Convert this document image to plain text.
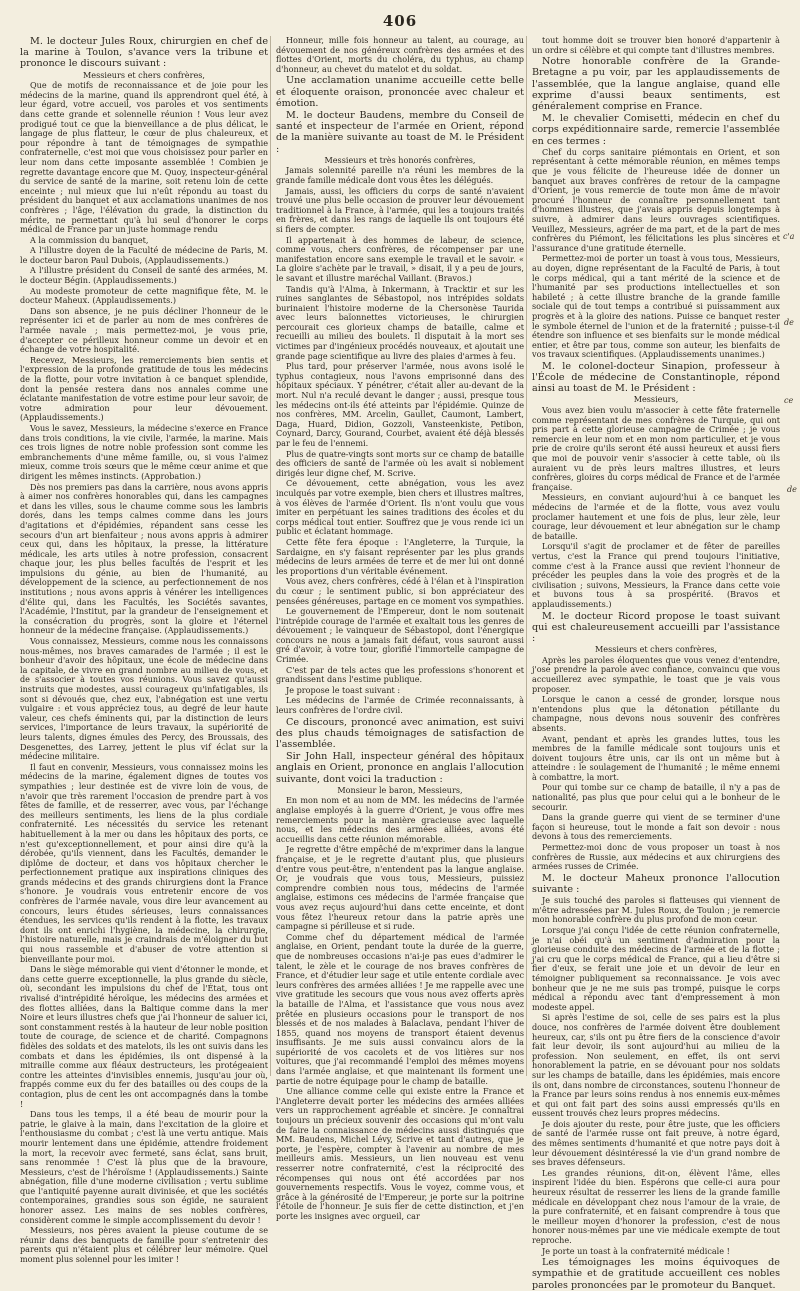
406

M. le docteur Jules Roux, chirurgien en chef de la marine à Toulon, s'avance vers la tribune et prononce le discours suivant :

Messieurs et chers confrères,

Que de motifs de reconnaissance et de joie pour les médecins de la marine, quand ils apprendront quel été, à leur égard, votre accueil, vos paroles et vos sentiments dans cette grande et solennelle réunion ! Vous leur avez prodigué tout ce que la bienveillance a de plus délicat, le langage de plus flatteur, le cœur de plus chaleureux, et pour répondre à tant de témoignages de sympathie confraternelle, c'est moi que vous choisissez pour parler en leur nom dans cette imposante assemblée ! Combien je regrette davantage encore que M. Quoy, inspecteur-général du service de santé de la marine, soit retenu loin de cette enceinte ; nul mieux que lui n'eût répondu au toast du président du banquet et aux acclamations unanimes de nos confrères ; l'âge, l'élévation du grade, la distinction du mérite, ne permettant qu'à lui seul d'honorer le corps médical de France par un juste hommage rendu

A la commission du banquet,

A l'illustre doyen de la Faculté de médecine de Paris, M. le docteur baron Paul Dubois, (Applaudissements.)

A l'illustre président du Conseil de santé des armées, M. le docteur Bégin. (Applaudissements.)

Au modeste promoteur de cette magnifique fête, M. le docteur Maheux. (Applaudissements.)

Dans son absence, je ne puis décliner l'honneur de le représenter ici et de parler au nom de mes confrères de l'armée navale ; mais permettez-moi, je vous prie, d'accepter ce périlleux honneur comme un devoir et en échange de votre hospitalité.

Recevez, Messieurs, les remerciements bien sentis et l'expression de la profonde gratitude de tous les médecins de la flotte, pour votre invitation à ce banquet splendide, dont la pensée restera dans nos annales comme une éclatante manifestation de votre estime pour leur savoir, de votre admiration pour leur dévouement. (Applaudissements.)

Vous le savez, Messieurs, la médecine s'exerce en France dans trois conditions, la vie civile, l'armée, la marine. Mais ces trois lignes de notre noble profession sont comme les embranchements d'une même famille, ou, si vous l'aimez mieux, comme trois sœurs que le même cœur anime et que dirigent les mêmes instincts. (Approbation.)

Dès nos premiers pas dans la carrière, nous avons appris à aimer nos confrères honorables qui, dans les campagnes et dans les villes, sous le chaume comme sous les lambris dorés, dans les temps calmes comme dans les jours d'agitations et d'épidémies, répandent sans cesse les secours d'un art bienfaiteur ; nous avons appris à admirer ceux qui, dans les hôpitaux, la presse, la littérature médicale, les arts utiles à notre profession, consacrent chaque jour, les plus belles facultés de l'esprit et les impulsions du génie, au bien de l'humanité, au développement de la science, au perfectionnement de nos institutions ; nous avons appris à vénérer les intelligences d'élite qui, dans les Facultés, les Sociétés savantes, l'Académie, l'Institut, par la grandeur de l'enseignement et la consécration du progrès, sont la gloire et l'éternel honneur de la médecine française. (Applaudissements.)

Vous connaissez, Messieurs, comme nous les connaissons nous-mêmes, nos braves camarades de l'armée ; il est le bonheur d'avoir des hôpitaux, une école de médecine dans la capitale, de vivre en grand nombre au milieu de vous, et de s'associer à toutes vos réunions. Vous savez qu'aussi instruits que modestes, aussi courageux qu'infatigables, ils sont si dévoués que, chez eux, l'abnégation est une vertu vulgaire : et vous appréciez tous, au degré de leur haute valeur, ces chefs éminents qui, par la distinction de leurs services, l'importance de leurs travaux, la supériorité de leurs talents, dignes émules des Percy, des Broussais, des Desgenettes, des Larrey, jettent le plus vif éclat sur la médecine militaire.

Il faut en convenir, Messieurs, vous connaissez moins les médecins de la marine, également dignes de toutes vos sympathies ; leur destinée est de vivre loin de vous, de n'avoir que très rarement l'occasion de prendre part à vos fêtes de famille, et de resserrer, avec vous, par l'échange des meilleurs sentiments, les liens de la plus cordiale confraternité. Les nécessités du service les retenant habituellement à la mer ou dans les hôpitaux des ports, ce n'est qu'exceptionnellement, et pour ainsi dire qu'à la dérobée, qu'ils viennent, dans les Facultés, demander le diplôme de docteur, et dans vos hôpitaux chercher le perfectionnement pratique aux inspirations cliniques des grands médecins et des grands chirurgiens dont la France s'honore. Je voudrais vous entretenir encore de vos confrères de l'armée navale, vous dire leur avancement au concours, leurs études sérieuses, leurs connaissances étendues, les services qu'ils rendent à la flotte, les travaux dont ils ont enrichi l'hygiène, la médecine, la chirurgie, l'histoire naturelle, mais je craindrais de m'éloigner du but qui nous rassemble et d'abuser de votre attention si bienveillante pour moi.

Dans le siège mémorable qui vient d'étonner le monde, et dans cette guerre exceptionnelle, la plus grande du siècle, où, secondant les impulsions du chef de l'État, tous ont rivalisé d'intrépidité héroïque, les médecins des armées et des flottes alliées, dans la Baltique comme dans la mer Noire et leurs illustres chefs que j'ai l'honneur de saluer ici, sont constamment restés à la hauteur de leur noble position toute de courage, de science et de charité. Compagnons fidèles des soldats et des matelots, ils les ont suivis dans les combats et dans les épidémies, ils ont dispensé à la mitraille comme aux fléaux destructeurs, les protégeaient contre les atteintes d'invisibles ennemis, jusqu'au jour où, frappés comme eux du fer des batailles ou des coups de la contagion, plus de cent les ont accompagnés dans la tombe !

Dans tous les temps, il a été beau de mourir pour la patrie, le glaive à la main, dans l'excitation de la gloire et l'enthousiasme du combat ; c'est là une vertu antique. Mais mourir lentement dans une épidémie, attendre froidement la mort, la recevoir avec fermeté, sans éclat, sans bruit, sans renommée ! C'est là plus que de la bravoure, Messieurs, c'est de l'héroïsme ! (Applaudissements.) Sainte abnégation, fille d'une moderne civilisation ; vertu sublime que l'antiquité payenne aurait divinisée, et que les sociétés contemporaines, grandies sous son égide, ne sauraient honorer assez. Les mains de ses nobles confrères, considèrent comme le simple accomplissement du devoir !

Messieurs, nos pères avaient la pieuse coutume de se réunir dans des banquets de famille pour s'entretenir des parents qui n'étaient plus et célébrer leur mémoire. Quel moment plus solennel pour les imiter !

Honneur, mille fois honneur au talent, au courage, au dévouement de nos généreux confrères des armées et des flottes d'Orient, morts du choléra, du typhus, au champ d'honneur, au chevet du matelot et du soldat.

Une acclamation unanime accueille cette belle et éloquente oraison, prononcée avec chaleur et émotion.

M. le docteur Baudens, membre du Conseil de santé et inspecteur de l'armée en Orient, répond de la manière suivante au toast de M. le Président :

Messieurs et très honorés confrères,

Jamais solennité pareille n'a réuni les membres de la grande famille médicale dont vous êtes les délégués.

Jamais, aussi, les officiers du corps de santé n'avaient trouvé une plus belle occasion de prouver leur dévouement traditionnel à la France, à l'armée, qui les a toujours traités en frères, et dans les rangs de laquelle ils ont toujours été si fiers de compter.

Il appartenait à des hommes de labeur, de science, comme vous, chers confrères, de récompenser par une manifestation encore sans exemple le travail et le savoir. « La gloire s'achète par le travail, » disait, il y a peu de jours, le savant et illustre maréchal Vaillant. (Bravos.)

Tandis qu'à l'Alma, à Inkermann, à Tracktir et sur les ruines sanglantes de Sébastopol, nos intrépides soldats burinaient l'histoire moderne de la Chersonèse Taurida avec leurs baïonnettes victorieuses, le chirurgien percourait ces glorieux champs de bataille, calme et recueilli au milieu des boulets. Il disputait à la mort ses victimes par d'ingénieux procédés nouveaux, et ajoutait une grande page scientifique au livre des plaies d'armes à feu.

Plus tard, pour préserver l'armée, nous avons isolé le typhus contagieux, nous l'avons emprisonné dans des hôpitaux spéciaux. Y pénétrer, c'était aller au-devant de la mort. Nul n'a reculé devant le danger ; aussi, presque tous les médecins ont-ils été atteints par l'épidémie. Quinze de nos confrères, MM. Arcelin, Gaullet, Caumont, Lambert, Daga, Huard, Didion, Gozzoli, Vansteenkiste, Petibon, Coynard, Darcy, Gourand, Courbet, avaient été déjà blessés par le feu de l'ennemi.

Plus de quatre-vingts sont morts sur ce champ de bataille des officiers de santé de l'armée où les avait si noblement dirigés leur digne chef, M. Scrive.

Ce dévouement, cette abnégation, vous les avez inculqués par votre exemple, bien chers et illustres maîtres, à vos élèves de l'armée d'Orient. Ils n'ont voulu que vous imiter en perpétuant les saines traditions des écoles et du corps médical tout entier. Souffrez que je vous rende ici un public et éclatant hommage.

Cette fête fera époque : l'Angleterre, la Turquie, la Sardaigne, en s'y faisant représenter par les plus grands médecins de leurs armées de terre et de mer lui ont donné les proportions d'un véritable événement.

Vous avez, chers confrères, cédé à l'élan et à l'inspiration du cœur ; le sentiment public, si bon appréciateur des pensées généreuses, partage en ce moment vos sympathies.

Le gouvernement de l'Empereur, dont le nom soutenait l'intrépide courage de l'armée et exaltait tous les genres de dévouement ; le vainqueur de Sébastopol, dont l'énergique concours ne nous a jamais fait défaut, vous sauront aussi gré d'avoir, à votre tour, glorifié l'immortelle campagne de Crimée.

C'est par de tels actes que les professions s'honorent et grandissent dans l'estime publique.

Je propose le toast suivant :

Les médecins de l'armée de Crimée reconnaissants, à leurs confrères de l'ordre civil.

Ce discours, prononcé avec animation, est suivi des plus chauds témoignages de satisfaction de l'assemblée.

Sir John Hall, inspecteur général des hôpitaux anglais en Orient, prononce en anglais l'allocution suivante, dont voici la traduction :

Monsieur le baron, Messieurs,

En mon nom et au nom de MM. les médecins de l'armée anglaise employés à la guerre d'Orient, je vous offre mes remerciements pour la manière gracieuse avec laquelle nous, et les médecins des armées alliées, avons été accueillis dans cette réunion mémorable.

Je regrette d'être empêché de m'exprimer dans la langue française, et je le regrette d'autant plus, que plusieurs d'entre vous peut-être, n'entendent pas la langue anglaise. Or, je voudrais que vous tous, Messieurs, puissiez comprendre combien nous tous, médecins de l'armée anglaise, estimons ces médecins de l'armée française que vous avez reçus aujourd'hui dans cette enceinte, et dont vous fêtez l'heureux retour dans la patrie après une campagne si périlleuse et si rude.

Comme chef du département médical de l'armée anglaise, en Orient, pendant toute la durée de la guerre, que de nombreuses occasions n'ai-je pas eues d'admirer le talent, le zèle et le courage de nos braves confrères de France, et d'étudier leur sage et utile entente cordiale avec leurs confrères des armées alliées ! Je me rappelle avec une vive gratitude les secours que vous nous avez offerts après la bataille de l'Alma, et l'assistance que vous nous avez prêtée en plusieurs occasions pour le transport de nos blessés et de nos malades à Balaclava, pendant l'hiver de 1855, quand nos moyens de transport étaient devenus insuffisants. Je me suis aussi convaincu alors de la supériorité de vos cacolets et de vos litières sur nos voitures, que j'ai recommandé l'emploi des mêmes moyens dans l'armée anglaise, et que maintenant ils forment une partie de notre équipage pour le champ de bataille.

Une alliance comme celle qui existe entre la France et l'Angleterre devait porter les médecins des armées alliées vers un rapprochement agréable et sincère. Je connaîtrai toujours un précieux souvenir des occasions qui m'ont valu de faire la connaissance de médecins aussi distingués que MM. Baudens, Michel Lévy, Scrive et tant d'autres, que je porte, je l'espère, compter à l'avenir au nombre de mes meilleurs amis. Messieurs, un lien nouveau est venu resserrer notre confraternité, c'est la réciprocité des récompenses qui nous ont été accordées par nos gouvernements respectifs. Vous le voyez, comme vous, et grâce à la générosité de l'Empereur, je porte sur la poitrine l'étoile de l'honneur. Je suis fier de cette distinction, et j'en porte les insignes avec orgueil, car

tout homme doit se trouver bien honoré d'appartenir à un ordre si célèbre et qui compte tant d'illustres membres.

Notre honorable confrère de la Grande-Bretagne a pu voir, par les applaudissements de l'assemblée, que la langue anglaise, quand elle exprime d'aussi beaux sentiments, est généralement comprise en France.

M. le chevalier Comisetti, médecin en chef du corps expéditionnaire sarde, remercie l'assemblée en ces termes :

Chef du corps sanitaire piémontais en Orient, et son représentant à cette mémorable réunion, en mêmes temps que je vous félicite de l'heureuse idée de donner un banquet aux braves confrères de retour de la campagne d'Orient, je vous remercie de toute mon âme de m'avoir procuré l'honneur de connaître personnellement tant d'hommes illustres, que j'avais appris depuis longtemps à suivre, à admirer dans leurs ouvrages scientifiques. Veuillez, Messieurs, agréer de ma part, et de la part de mes confrères du Piémont, les félicitations les plus sincères et l'assurance d'une gratitude éternelle.

Permettez-moi de porter un toast à vous tous, Messieurs, au doyen, digne représentant de la Faculté de Paris, à tout le corps médical, qui a tant mérité de la science et de l'humanité par ses productions intellectuelles et son habileté ; à cette illustre branche de la grande famille sociale qui de tout temps a contribué si puissamment aux progrès et à la gloire des nations. Puisse ce banquet rester le symbole éternel de l'union et de la fraternité ; puisse-t-il étendre son influence et ses bienfaits sur le monde médical entier, et être par tous, comme son auteur, les bienfaits de vos travaux scientifiques. (Applaudissements unanimes.)

M. le colonel-docteur Sinapion, professeur à l'École de médecine de Constantinople, répond ainsi au toast de M. le Président :

Messieurs,

Vous avez bien voulu m'associer à cette fête fraternelle comme représentant de mes confrères de Turquie, qui ont pris part à cette glorieuse campagne de Crimée ; je vous remercie en leur nom et en mon nom particulier, et je vous prie de croire qu'ils seront été aussi heureux et aussi fiers que moi de pouvoir venir s'associer à cette table, où ils auraient vu de près leurs maîtres illustres, et leurs confrères, gloires du corps médical de France et de l'armée française.

Messieurs, en conviant aujourd'hui à ce banquet les médecins de l'armée et de la flotte, vous avez voulu proclamer hautement et une fois de plus, leur zèle, leur courage, leur dévouement et leur abnégation sur le champ de bataille.

Lorsqu'il s'agit de proclamer et de fêter de pareilles vertus, c'est la France qui prend toujours l'initiative, comme c'est à la France aussi que revient l'honneur de précéder les peuples dans la voie des progrès et de la civilisation ; suivons, Messieurs, la France dans cette voie et buvons tous à sa prospérité. (Bravos et applaudissements.)

M. le docteur Ricord propose le toast suivant qui est chaleureusement accueilli par l'assistance :

Messieurs et chers confrères,

Après les paroles éloquentes que vous venez d'entendre, j'ose prendre la parole avec confiance, convaincu que vous accueillerez avec sympathie, le toast que je vais vous proposer.

Lorsque le canon a cessé de gronder, lorsque nous n'entendons plus que la détonation pétillante du champagne, nous devons nous souvenir des confrères absents.

Avant, pendant et après les grandes luttes, tous les membres de la famille médicale sont toujours unis et doivent toujours être unis, car ils ont un même but à atteindre : le soulagement de l'humanité ; le même ennemi à combattre, la mort.

Pour qui tombe sur ce champ de bataille, il n'y a pas de nationalité, pas plus que pour celui qui a le bonheur de le secourir.

Dans la grande guerre qui vient de se terminer d'une façon si heureuse, tout le monde a fait son devoir : nous devons à tous des remerciements.

Permettez-moi donc de vous proposer un toast à nos confrères de Russie, aux médecins et aux chirurgiens des armées russes de Crimée.

M. le docteur Maheux prononce l'allocution suivante :

Je suis touché des paroles si flatteuses qui viennent de m'être adressées par M. Jules Roux, de Toulon ; je remercie mon honorable confrère du plus profond de mon cœur.

Lorsque j'ai conçu l'idée de cette réunion confraternelle, je n'ai obéi qu'à un sentiment d'admiration pour la glorieuse conduite des médecins de l'armée et de la flotte ; j'ai cru que le corps médical de France, qui a lieu d'être si fier d'eux, se ferait une joie et un devoir de leur en témoigner publiquement sa reconnaissance. Je vois avec bonheur que je ne me suis pas trompé, puisque le corps médical a répondu avec tant d'empressement à mon modeste appel.

Si après l'estime de soi, celle de ses pairs est la plus douce, nos confrères de l'armée doivent être doublement heureux, car, s'ils ont pu être fiers de la conscience d'avoir fait leur devoir, ils sont aujourd'hui au milieu de la profession. Non seulement, en effet, ils ont servi honorablement la patrie, en se dévouant pour nos soldats sur les champs de bataille, dans les épidémies, mais encore ils ont, dans nombre de circonstances, soutenu l'honneur de la France par leurs soins rendus à nos ennemis eux-mêmes et qui ont fait part des soins aussi empressés qu'ils en eussent trouvés chez leurs propres médecins.

Je dois ajouter du reste, pour être juste, que les officiers de santé de l'armée russe ont fait preuve, à notre égard, des mêmes sentiments d'humanité et que notre pays doit à leur dévouement désintéressé la vie d'un grand nombre de ses braves défenseurs.

Les grandes réunions, dit-on, élèvent l'âme, elles inspirent l'idée du bien. Espérons que celle-ci aura pour heureux résultat de resserrer les liens de la grande famille médicale en développant chez nous l'amour de la vraie, de la pure confraternité, et en faisant comprendre à tous que le meilleur moyen d'honorer la profession, c'est de nous honorer nous-mêmes par une vie médicale exempte de tout reproche.

Je porte un toast à la confraternité médicale !

Les témoignages les moins équivoques de sympathie et de gratitude accueillent ces nobles paroles prononcées par le promoteur du Banquet.

c'a
de
ce
de
